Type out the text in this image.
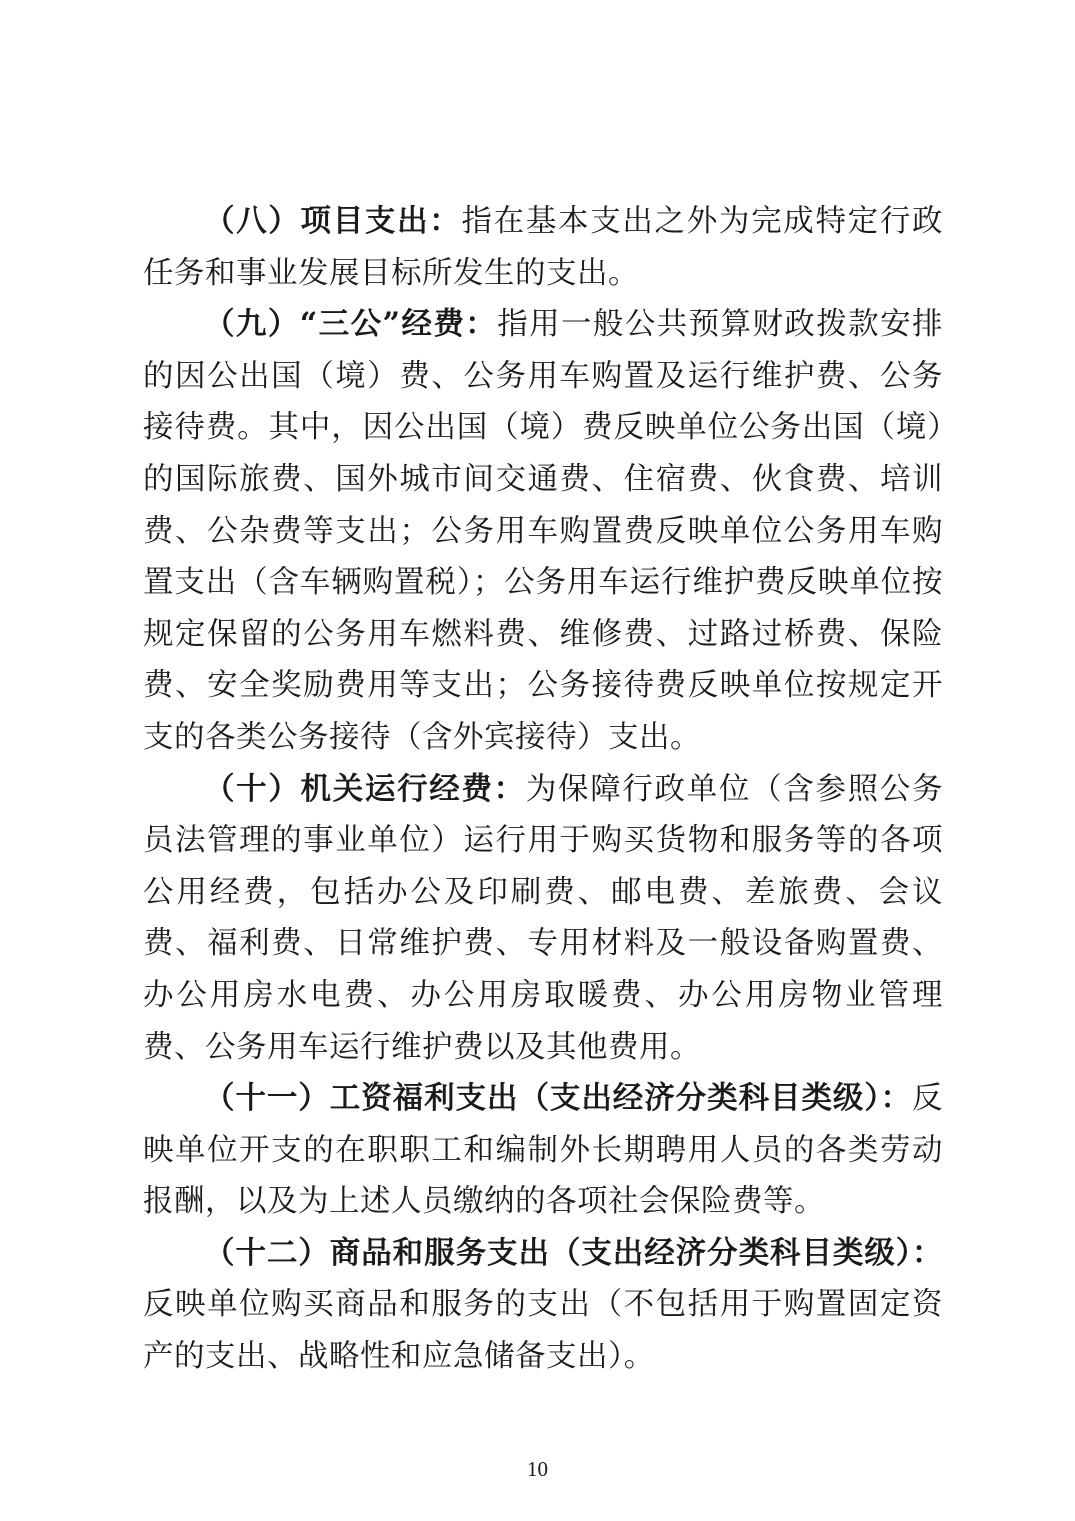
（八）项目支出：指在基本支出之外为完成特定行政任务和事业发展目标所发生的支出。

（九）“三公”经费：指用一般公共预算财政拨款安排的因公出国（境）费、公务用车购置及运行维护费、公务接待费。其中，因公出国（境）费反映单位公务出国（境）的国际旅费、国外城市间交通费、住宿费、伙食费、培训费、公杂费等支出；公务用车购置费反映单位公务用车购置支出（含车辆购置税）；公务用车运行维护费反映单位按规定保留的公务用车燃料费、维修费、过路过桥费、保险费、安全奖励费用等支出；公务接待费反映单位按规定开支的各类公务接待（含外宾接待）支出。

（十）机关运行经费：为保障行政单位（含参照公务员法管理的事业单位）运行用于购买货物和服务等的各项公用经费，包括办公及印刷费、邮电费、差旅费、会议费、福利费、日常维护费、专用材料及一般设备购置费、办公用房水电费、办公用房取暖费、办公用房物业管理费、公务用车运行维护费以及其他费用。

（十一）工资福利支出（支出经济分类科目类级）：反映单位开支的在职职工和编制外长期聘用人员的各类劳动报酬，以及为上述人员缴纳的各项社会保险费等。

（十二）商品和服务支出（支出经济分类科目类级）：反映单位购买商品和服务的支出（不包括用于购置固定资产的支出、战略性和应急储备支出）。

10
